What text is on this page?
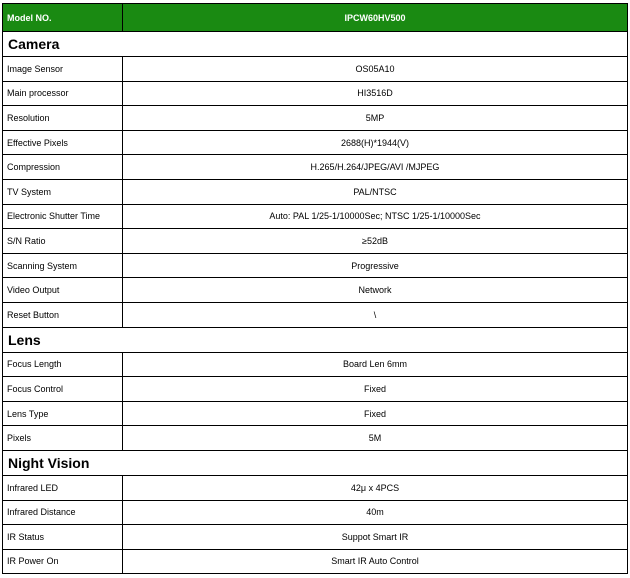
Model NO.	IPCW60HV500
Camera	
Image Sensor	OS05A10
Main processor	HI3516D
Resolution	5MP
Effective Pixels	2688(H)*1944(V)
Compression	H.265/H.264/JPEG/AVI /MJPEG
TV System	PAL/NTSC
Electronic Shutter Time	Auto: PAL 1/25-1/10000Sec; NTSC 1/25-1/10000Sec
S/N Ratio	≥52dB
Scanning System	Progressive
Video Output	Network
Reset Button	\
Lens	
Focus Length	Board Len 6mm
Focus Control	Fixed
Lens Type	Fixed
Pixels	5M
Night Vision	
Infrared LED	42μ x 4PCS
Infrared Distance	40m
IR Status	Suppot Smart IR
IR Power On	Smart IR Auto Control
